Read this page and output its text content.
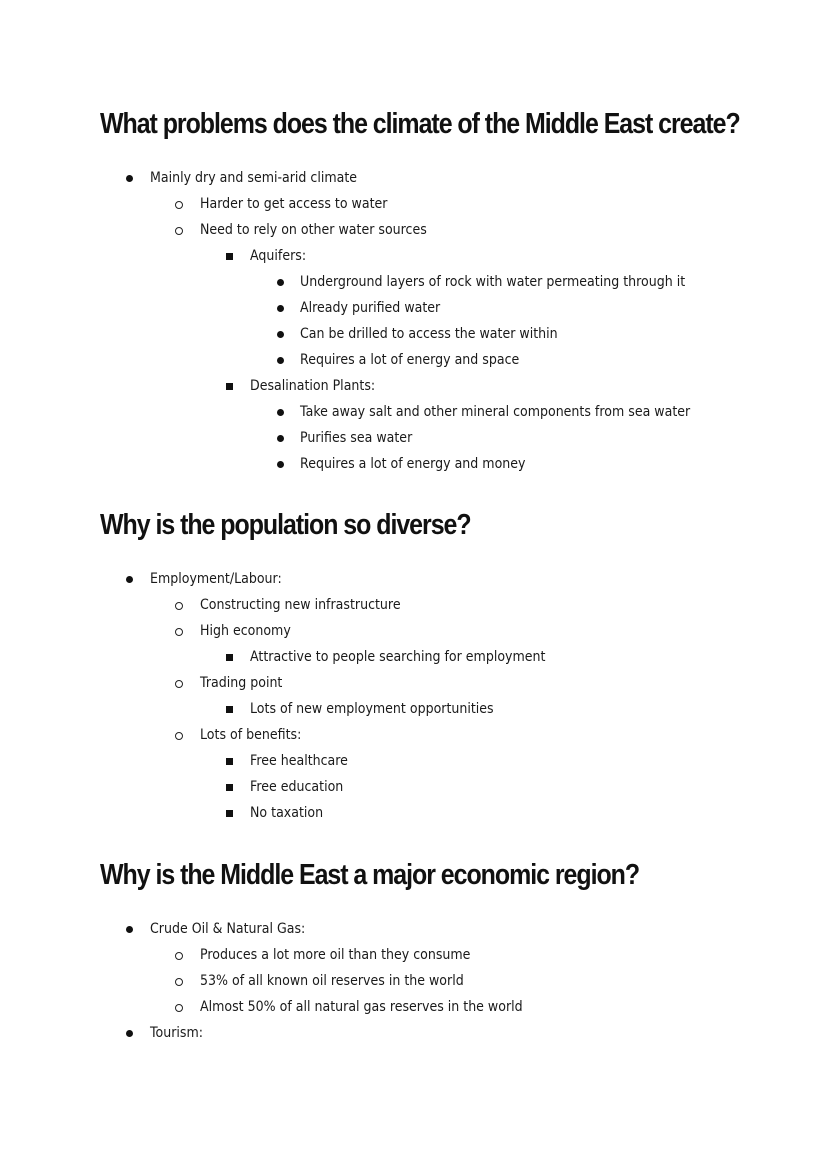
What problems does the climate of the Middle East create?
Why is the population so diverse?
Why is the Middle East a major economic region?
Mainly dry and semi-arid climate
Harder to get access to water
Need to rely on other water sources
Aquifers:
Underground layers of rock with water permeating through it
Already purified water
Can be drilled to access the water within
Requires a lot of energy and space
Desalination Plants:
Take away salt and other mineral components from sea water
Purifies sea water
Requires a lot of energy and money
Employment/Labour:
Constructing new infrastructure
High economy
Attractive to people searching for employment
Trading point
Lots of new employment opportunities
Lots of benefits:
Free healthcare
Free education
No taxation
Crude Oil & Natural Gas:
Produces a lot more oil than they consume
53% of all known oil reserves in the world
Almost 50% of all natural gas reserves in the world
Tourism:
